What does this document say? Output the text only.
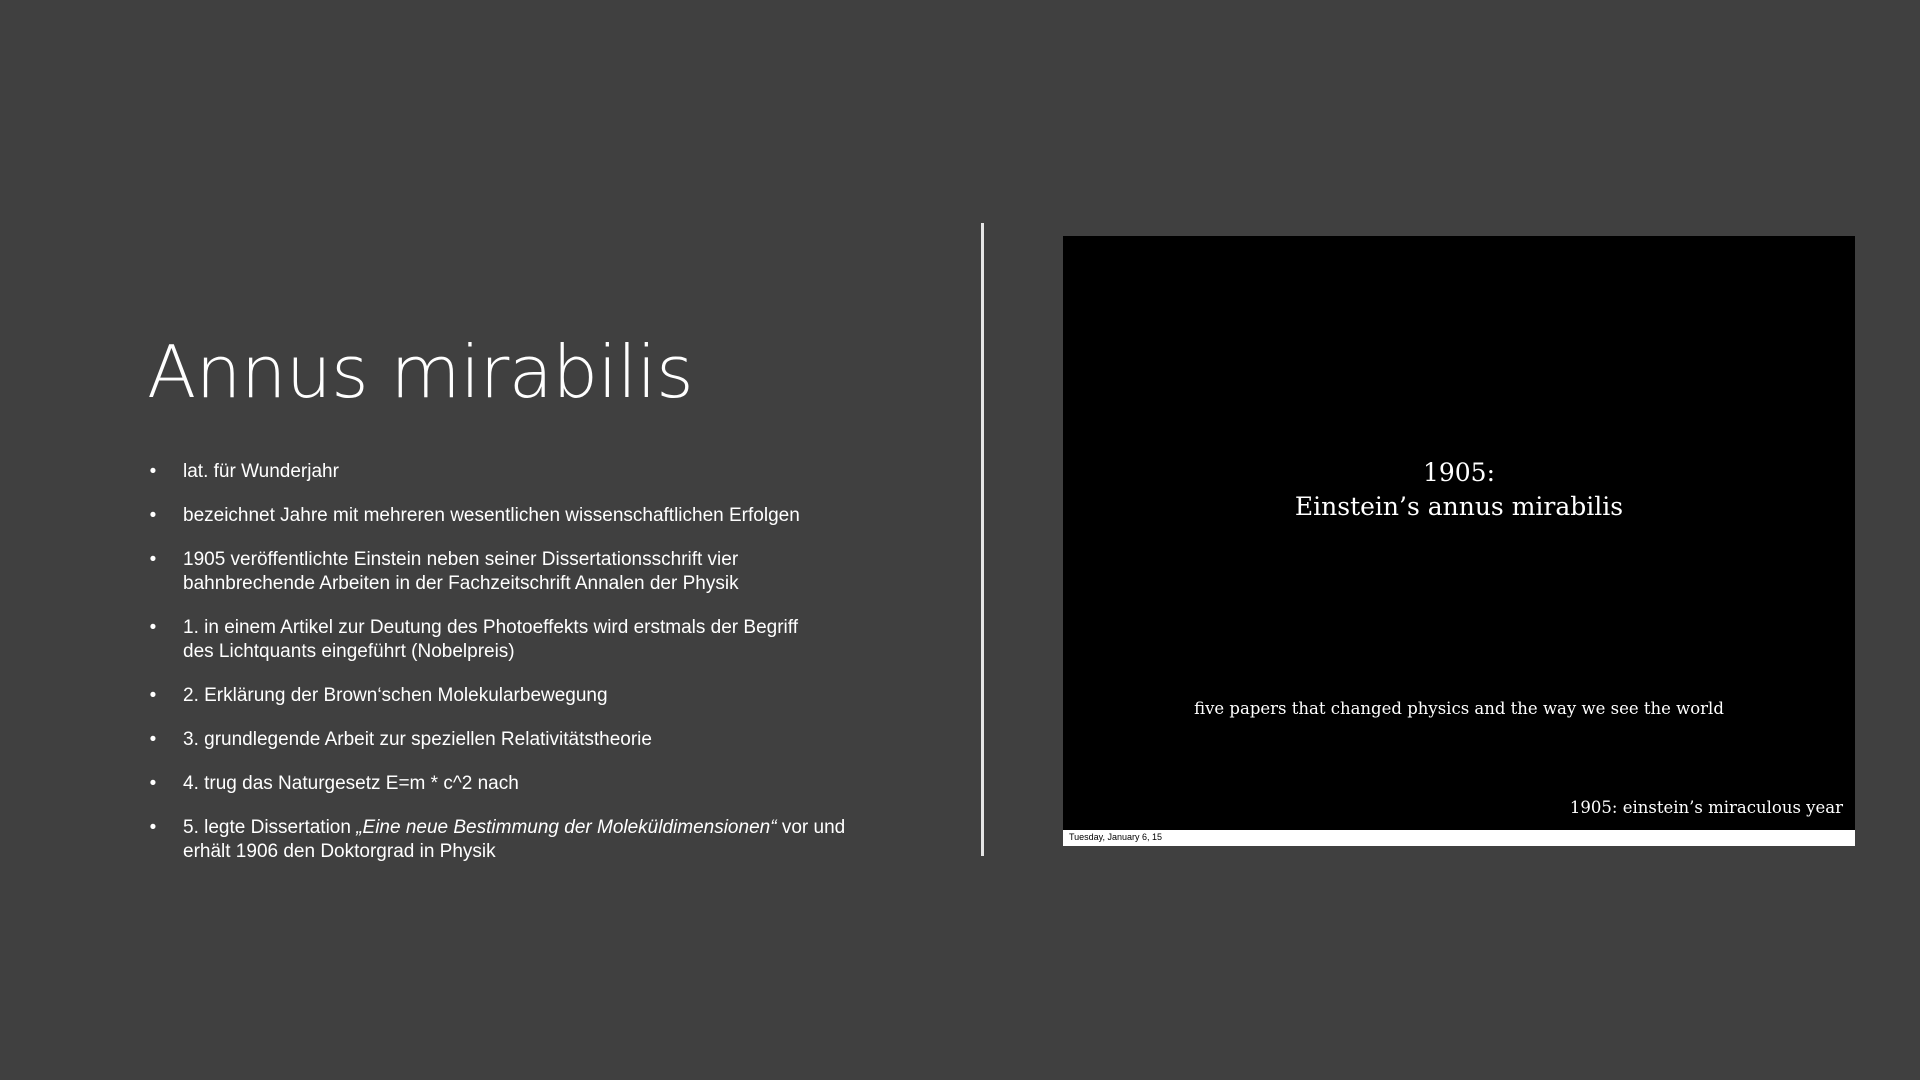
Annus mirabilis
• lat. für Wunderjahr
• bezeichnet Jahre mit mehreren wesentlichen wissenschaftlichen Erfolgen
• 1905 veröffentlichte Einstein neben seiner Dissertationsschrift vier
bahnbrechende Arbeiten in der Fachzeitschrift Annalen der Physik
• 1. in einem Artikel zur Deutung des Photoeffekts wird erstmals der Begriff
des Lichtquants eingeführt (Nobelpreis)
• 2. Erklärung der Brown‘schen Molekularbewegung
• 3. grundlegende Arbeit zur speziellen Relativitätstheorie
• 4. trug das Naturgesetz E=m * c^2 nach
• 5. legte Dissertation „Eine neue Bestimmung der Moleküldimensionen“ vor und
erhält 1906 den Doktorgrad in Physik
1905:
Einstein’s annus mirabilis
five papers that changed physics and the way we see the world
1905: einstein’s miraculous year
Tuesday, January 6, 15
